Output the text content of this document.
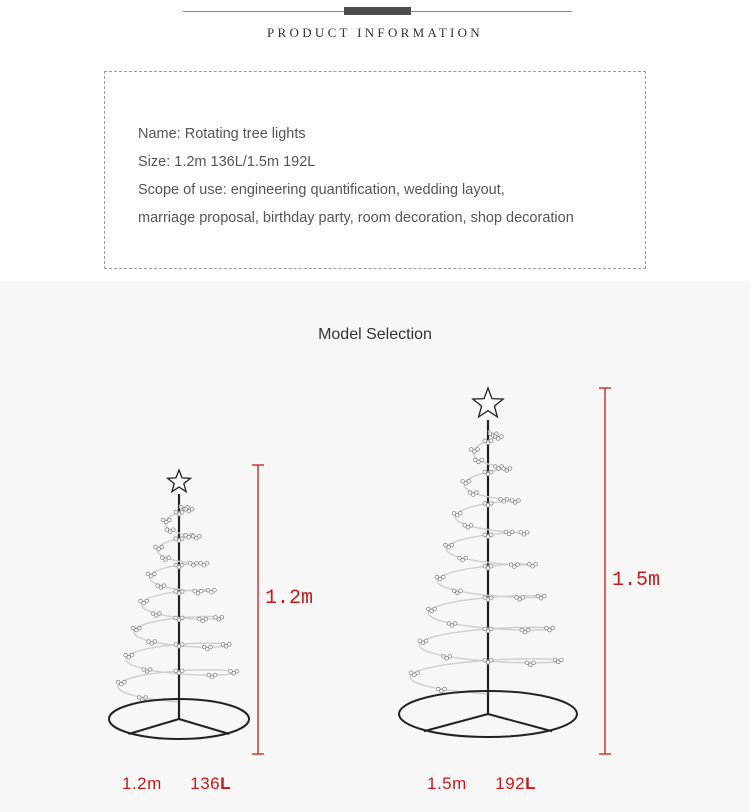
PRODUCT INFORMATION
Name: Rotating tree lights
Size: 1.2m 136L/1.5m 192L
Scope of use: engineering quantification, wedding layout,
marriage proposal, birthday party, room decoration, shop decoration
Model Selection
1.2m
1.5m
1.2m 136L	1.5m 192L
